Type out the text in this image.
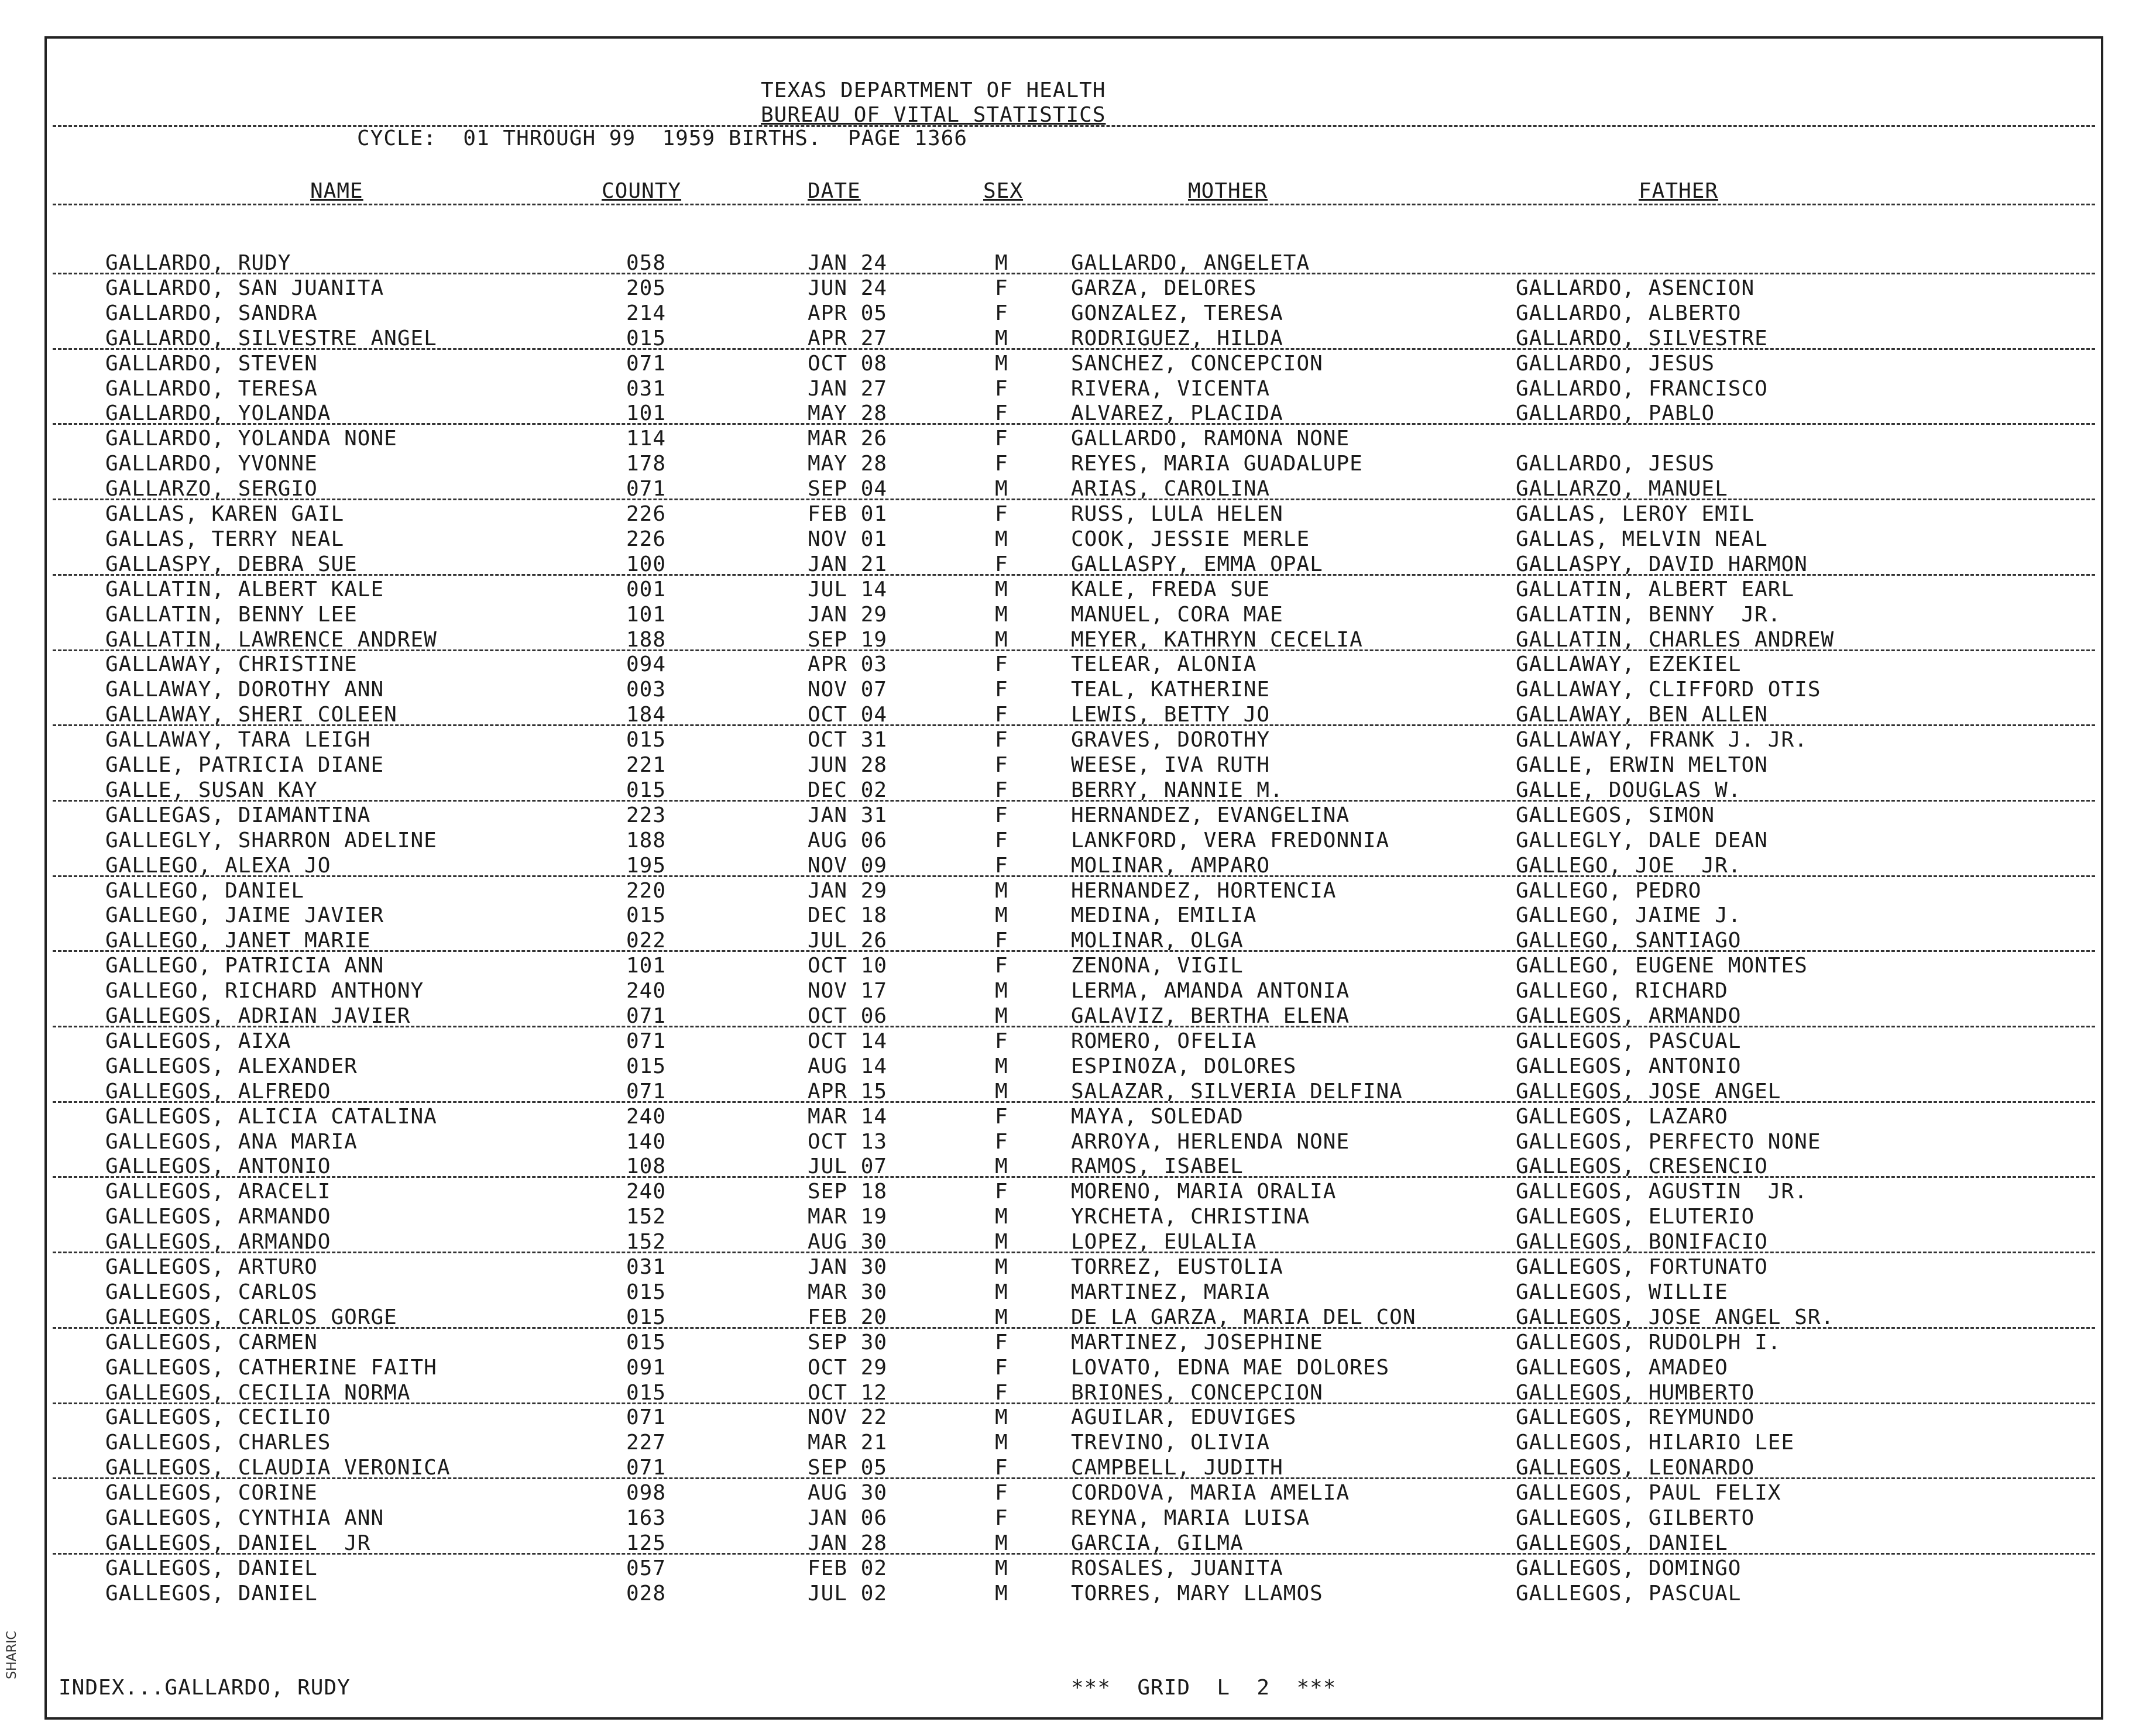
SHARIC
TEXAS DEPARTMENT OF HEALTH
BUREAU OF VITAL STATISTICS
CYCLE:  01 THROUGH 99  1959 BIRTHS.  PAGE 1366
NAME	COUNTY	DATE	SEX	MOTHER	FATHER
GALLARDO, RUDY	058	JAN 24	M	GALLARDO, ANGELETA
GALLARDO, SAN JUANITA	205	JUN 24	F	GARZA, DELORES	GALLARDO, ASENCION
GALLARDO, SANDRA	214	APR 05	F	GONZALEZ, TERESA	GALLARDO, ALBERTO
GALLARDO, SILVESTRE ANGEL	015	APR 27	M	RODRIGUEZ, HILDA	GALLARDO, SILVESTRE
GALLARDO, STEVEN	071	OCT 08	M	SANCHEZ, CONCEPCION	GALLARDO, JESUS
GALLARDO, TERESA	031	JAN 27	F	RIVERA, VICENTA	GALLARDO, FRANCISCO
GALLARDO, YOLANDA	101	MAY 28	F	ALVAREZ, PLACIDA	GALLARDO, PABLO
GALLARDO, YOLANDA NONE	114	MAR 26	F	GALLARDO, RAMONA NONE
GALLARDO, YVONNE	178	MAY 28	F	REYES, MARIA GUADALUPE	GALLARDO, JESUS
GALLARZO, SERGIO	071	SEP 04	M	ARIAS, CAROLINA	GALLARZO, MANUEL
GALLAS, KAREN GAIL	226	FEB 01	F	RUSS, LULA HELEN	GALLAS, LEROY EMIL
GALLAS, TERRY NEAL	226	NOV 01	M	COOK, JESSIE MERLE	GALLAS, MELVIN NEAL
GALLASPY, DEBRA SUE	100	JAN 21	F	GALLASPY, EMMA OPAL	GALLASPY, DAVID HARMON
GALLATIN, ALBERT KALE	001	JUL 14	M	KALE, FREDA SUE	GALLATIN, ALBERT EARL
GALLATIN, BENNY LEE	101	JAN 29	M	MANUEL, CORA MAE	GALLATIN, BENNY  JR.
GALLATIN, LAWRENCE ANDREW	188	SEP 19	M	MEYER, KATHRYN CECELIA	GALLATIN, CHARLES ANDREW
GALLAWAY, CHRISTINE	094	APR 03	F	TELEAR, ALONIA	GALLAWAY, EZEKIEL
GALLAWAY, DOROTHY ANN	003	NOV 07	F	TEAL, KATHERINE	GALLAWAY, CLIFFORD OTIS
GALLAWAY, SHERI COLEEN	184	OCT 04	F	LEWIS, BETTY JO	GALLAWAY, BEN ALLEN
GALLAWAY, TARA LEIGH	015	OCT 31	F	GRAVES, DOROTHY	GALLAWAY, FRANK J. JR.
GALLE, PATRICIA DIANE	221	JUN 28	F	WEESE, IVA RUTH	GALLE, ERWIN MELTON
GALLE, SUSAN KAY	015	DEC 02	F	BERRY, NANNIE M.	GALLE, DOUGLAS W.
GALLEGAS, DIAMANTINA	223	JAN 31	F	HERNANDEZ, EVANGELINA	GALLEGOS, SIMON
GALLEGLY, SHARRON ADELINE	188	AUG 06	F	LANKFORD, VERA FREDONNIA	GALLEGLY, DALE DEAN
GALLEGO, ALEXA JO	195	NOV 09	F	MOLINAR, AMPARO	GALLEGO, JOE  JR.
GALLEGO, DANIEL	220	JAN 29	M	HERNANDEZ, HORTENCIA	GALLEGO, PEDRO
GALLEGO, JAIME JAVIER	015	DEC 18	M	MEDINA, EMILIA	GALLEGO, JAIME J.
GALLEGO, JANET MARIE	022	JUL 26	F	MOLINAR, OLGA	GALLEGO, SANTIAGO
GALLEGO, PATRICIA ANN	101	OCT 10	F	ZENONA, VIGIL	GALLEGO, EUGENE MONTES
GALLEGO, RICHARD ANTHONY	240	NOV 17	M	LERMA, AMANDA ANTONIA	GALLEGO, RICHARD
GALLEGOS, ADRIAN JAVIER	071	OCT 06	M	GALAVIZ, BERTHA ELENA	GALLEGOS, ARMANDO
GALLEGOS, AIXA	071	OCT 14	F	ROMERO, OFELIA	GALLEGOS, PASCUAL
GALLEGOS, ALEXANDER	015	AUG 14	M	ESPINOZA, DOLORES	GALLEGOS, ANTONIO
GALLEGOS, ALFREDO	071	APR 15	M	SALAZAR, SILVERIA DELFINA	GALLEGOS, JOSE ANGEL
GALLEGOS, ALICIA CATALINA	240	MAR 14	F	MAYA, SOLEDAD	GALLEGOS, LAZARO
GALLEGOS, ANA MARIA	140	OCT 13	F	ARROYA, HERLENDA NONE	GALLEGOS, PERFECTO NONE
GALLEGOS, ANTONIO	108	JUL 07	M	RAMOS, ISABEL	GALLEGOS, CRESENCIO
GALLEGOS, ARACELI	240	SEP 18	F	MORENO, MARIA ORALIA	GALLEGOS, AGUSTIN  JR.
GALLEGOS, ARMANDO	152	MAR 19	M	YRCHETA, CHRISTINA	GALLEGOS, ELUTERIO
GALLEGOS, ARMANDO	152	AUG 30	M	LOPEZ, EULALIA	GALLEGOS, BONIFACIO
GALLEGOS, ARTURO	031	JAN 30	M	TORREZ, EUSTOLIA	GALLEGOS, FORTUNATO
GALLEGOS, CARLOS	015	MAR 30	M	MARTINEZ, MARIA	GALLEGOS, WILLIE
GALLEGOS, CARLOS GORGE	015	FEB 20	M	DE LA GARZA, MARIA DEL CON	GALLEGOS, JOSE ANGEL SR.
GALLEGOS, CARMEN	015	SEP 30	F	MARTINEZ, JOSEPHINE	GALLEGOS, RUDOLPH I.
GALLEGOS, CATHERINE FAITH	091	OCT 29	F	LOVATO, EDNA MAE DOLORES	GALLEGOS, AMADEO
GALLEGOS, CECILIA NORMA	015	OCT 12	F	BRIONES, CONCEPCION	GALLEGOS, HUMBERTO
GALLEGOS, CECILIO	071	NOV 22	M	AGUILAR, EDUVIGES	GALLEGOS, REYMUNDO
GALLEGOS, CHARLES	227	MAR 21	M	TREVINO, OLIVIA	GALLEGOS, HILARIO LEE
GALLEGOS, CLAUDIA VERONICA	071	SEP 05	F	CAMPBELL, JUDITH	GALLEGOS, LEONARDO
GALLEGOS, CORINE	098	AUG 30	F	CORDOVA, MARIA AMELIA	GALLEGOS, PAUL FELIX
GALLEGOS, CYNTHIA ANN	163	JAN 06	F	REYNA, MARIA LUISA	GALLEGOS, GILBERTO
GALLEGOS, DANIEL  JR	125	JAN 28	M	GARCIA, GILMA	GALLEGOS, DANIEL
GALLEGOS, DANIEL	057	FEB 02	M	ROSALES, JUANITA	GALLEGOS, DOMINGO
GALLEGOS, DANIEL	028	JUL 02	M	TORRES, MARY LLAMOS	GALLEGOS, PASCUAL
INDEX...GALLARDO, RUDY	***  GRID  L  2  ***
